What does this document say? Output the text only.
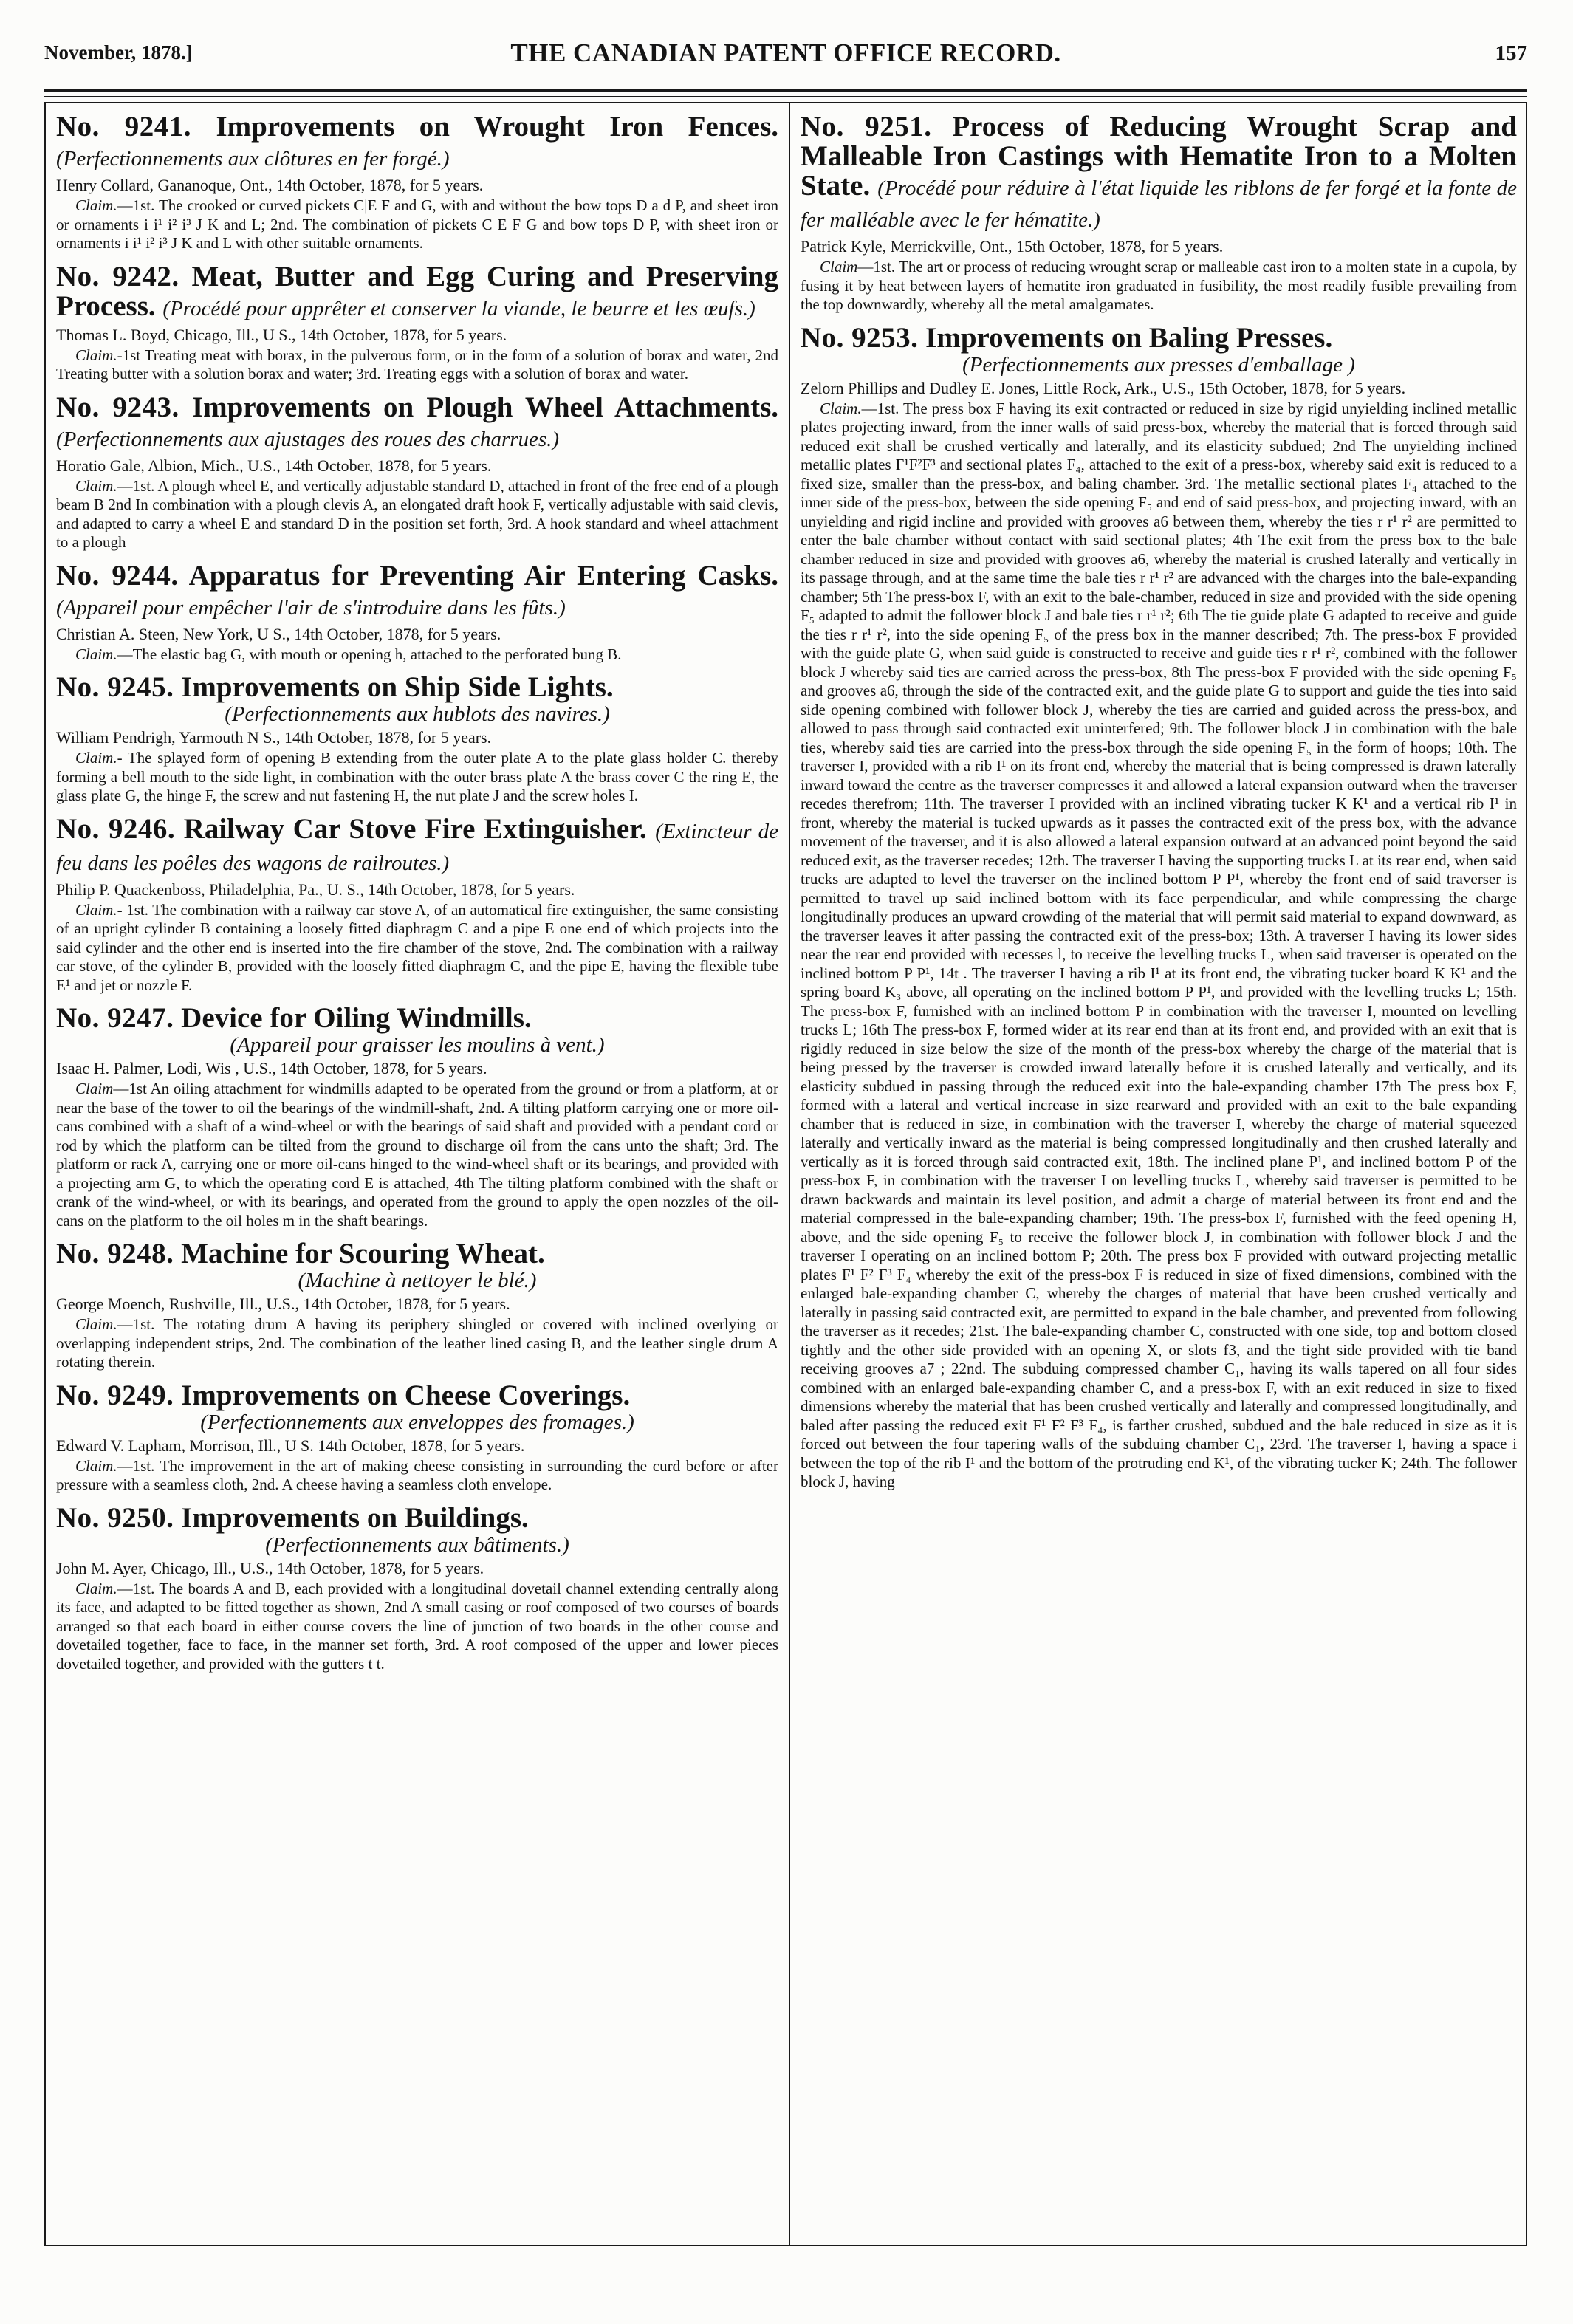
November, 1878.]	THE CANADIAN PATENT OFFICE RECORD.	157

No. 9241. Improvements on Wrought Iron Fences. (Perfectionnements aux clôtures en fer forgé.)

Henry Collard, Gananoque, Ont., 14th October, 1878, for 5 years.

Claim.—1st. The crooked or curved pickets C|E F and G, with and without the bow tops D a d P, and sheet iron or ornaments i i¹ i² i³ J K and L; 2nd. The combination of pickets C E F G and bow tops D P, with sheet iron or ornaments i i¹ i² i³ J K and L with other suitable ornaments.

No. 9242. Meat, Butter and Egg Curing and Preserving Process. (Procédé pour apprêter et conserver la viande, le beurre et les œufs.)

Thomas L. Boyd, Chicago, Ill., U S., 14th October, 1878, for 5 years.

Claim.-1st Treating meat with borax, in the pulverous form, or in the form of a solution of borax and water, 2nd Treating butter with a solution borax and water; 3rd. Treating eggs with a solution of borax and water.

No. 9243. Improvements on Plough Wheel Attachments. (Perfectionnements aux ajustages des roues des charrues.)

Horatio Gale, Albion, Mich., U.S., 14th October, 1878, for 5 years.

Claim.—1st. A plough wheel E, and vertically adjustable standard D, attached in front of the free end of a plough beam B 2nd In combination with a plough clevis A, an elongated draft hook F, vertically adjustable with said clevis, and adapted to carry a wheel E and standard D in the position set forth, 3rd. A hook standard and wheel attachment to a plough

No. 9244. Apparatus for Preventing Air Entering Casks. (Appareil pour empêcher l'air de s'introduire dans les fûts.)

Christian A. Steen, New York, U S., 14th October, 1878, for 5 years.

Claim.—The elastic bag G, with mouth or opening h, attached to the perforated bung B.

No. 9245. Improvements on Ship Side Lights.

(Perfectionnements aux hublots des navires.)

William Pendrigh, Yarmouth N S., 14th October, 1878, for 5 years.

Claim.- The splayed form of opening B extending from the outer plate A to the plate glass holder C. thereby forming a bell mouth to the side light, in combination with the outer brass plate A the brass cover C the ring E, the glass plate G, the hinge F, the screw and nut fastening H, the nut plate J and the screw holes I.

No. 9246. Railway Car Stove Fire Extinguisher. (Extincteur de feu dans les poêles des wagons de railroutes.)

Philip P. Quackenboss, Philadelphia, Pa., U. S., 14th October, 1878, for 5 years.

Claim.- 1st. The combination with a railway car stove A, of an automatical fire extinguisher, the same consisting of an upright cylinder B containing a loosely fitted diaphragm C and a pipe E one end of which projects into the said cylinder and the other end is inserted into the fire chamber of the stove, 2nd. The combination with a railway car stove, of the cylinder B, provided with the loosely fitted diaphragm C, and the pipe E, having the flexible tube E¹ and jet or nozzle F.

No. 9247. Device for Oiling Windmills.

(Appareil pour graisser les moulins à vent.)

Isaac H. Palmer, Lodi, Wis , U.S., 14th October, 1878, for 5 years.

Claim—1st An oiling attachment for windmills adapted to be operated from the ground or from a platform, at or near the base of the tower to oil the bearings of the windmill-shaft, 2nd. A tilting platform carrying one or more oil-cans combined with a shaft of a wind-wheel or with the bearings of said shaft and provided with a pendant cord or rod by which the platform can be tilted from the ground to discharge oil from the cans unto the shaft; 3rd. The platform or rack A, carrying one or more oil-cans hinged to the wind-wheel shaft or its bearings, and provided with a projecting arm G, to which the operating cord E is attached, 4th The tilting platform combined with the shaft or crank of the wind-wheel, or with its bearings, and operated from the ground to apply the open nozzles of the oil-cans on the platform to the oil holes m in the shaft bearings.

No. 9248. Machine for Scouring Wheat.

(Machine à nettoyer le blé.)

George Moench, Rushville, Ill., U.S., 14th October, 1878, for 5 years.

Claim.—1st. The rotating drum A having its periphery shingled or covered with inclined overlying or overlapping independent strips, 2nd. The combination of the leather lined casing B, and the leather single drum A rotating therein.

No. 9249. Improvements on Cheese Coverings.

(Perfectionnements aux enveloppes des fromages.)

Edward V. Lapham, Morrison, Ill., U S. 14th October, 1878, for 5 years.

Claim.—1st. The improvement in the art of making cheese consisting in surrounding the curd before or after pressure with a seamless cloth, 2nd. A cheese having a seamless cloth envelope.

No. 9250. Improvements on Buildings.

(Perfectionnements aux bâtiments.)

John M. Ayer, Chicago, Ill., U.S., 14th October, 1878, for 5 years.

Claim.—1st. The boards A and B, each provided with a longitudinal dovetail channel extending centrally along its face, and adapted to be fitted together as shown, 2nd A small casing or roof composed of two courses of boards arranged so that each board in either course covers the line of junction of two boards in the other course and dovetailed together, face to face, in the manner set forth, 3rd. A roof composed of the upper and lower pieces dovetailed together, and provided with the gutters t t.

No. 9251. Process of Reducing Wrought Scrap and Malleable Iron Castings with Hematite Iron to a Molten State. (Procédé pour réduire à l'état liquide les riblons de fer forgé et la fonte de fer malléable avec le fer hématite.)

Patrick Kyle, Merrickville, Ont., 15th October, 1878, for 5 years.

Claim—1st. The art or process of reducing wrought scrap or malleable cast iron to a molten state in a cupola, by fusing it by heat between layers of hematite iron graduated in fusibility, the most readily fusible prevailing from the top downwardly, whereby all the metal amalgamates.

No. 9253. Improvements on Baling Presses.

(Perfectionnements aux presses d'emballage )

Zelorn Phillips and Dudley E. Jones, Little Rock, Ark., U.S., 15th October, 1878, for 5 years.

Claim.—1st. The press box F having its exit contracted or reduced in size by rigid unyielding inclined metallic plates projecting inward, from the inner walls of said press-box, whereby the material that is forced through said reduced exit shall be crushed vertically and laterally, and its elasticity subdued; 2nd The unyielding inclined metallic plates F¹F²F³ and sectional plates F₄, attached to the exit of a press-box, whereby said exit is reduced to a fixed size, smaller than the press-box, and baling chamber. 3rd. The metallic sectional plates F₄ attached to the inner side of the press-box, between the side opening F₅ and end of said press-box, and projecting inward, with an unyielding and rigid incline and provided with grooves a6 between them, whereby the ties r r¹ r² are permitted to enter the bale chamber without contact with said sectional plates; 4th The exit from the press box to the bale chamber reduced in size and provided with grooves a6, whereby the material is crushed laterally and vertically in its passage through, and at the same time the bale ties r r¹ r² are advanced with the charges into the bale-expanding chamber; 5th The press-box F, with an exit to the bale-chamber, reduced in size and provided with the side opening F₅ adapted to admit the follower block J and bale ties r r¹ r²; 6th The tie guide plate G adapted to receive and guide the ties r r¹ r², into the side opening F₅ of the press box in the manner described; 7th. The press-box F provided with the guide plate G, when said guide is constructed to receive and guide ties r r¹ r², combined with the follower block J whereby said ties are carried across the press-box, 8th The press-box F provided with the side opening F₅ and grooves a6, through the side of the contracted exit, and the guide plate G to support and guide the ties into said side opening combined with follower block J, whereby the ties are carried and guided across the press-box, and allowed to pass through said contracted exit uninterfered; 9th. The follower block J in combination with the bale ties, whereby said ties are carried into the press-box through the side opening F₅ in the form of hoops; 10th. The traverser I, provided with a rib I¹ on its front end, whereby the material that is being compressed is drawn laterally inward toward the centre as the traverser compresses it and allowed a lateral expansion outward when the traverser recedes therefrom; 11th. The traverser I provided with an inclined vibrating tucker K K¹ and a vertical rib I¹ in front, whereby the material is tucked upwards as it passes the contracted exit of the press box, with the advance movement of the traverser, and it is also allowed a lateral expansion outward at an advanced point beyond the said reduced exit, as the traverser recedes; 12th. The traverser I having the supporting trucks L at its rear end, when said trucks are adapted to level the traverser on the inclined bottom P P¹, whereby the front end of said traverser is permitted to travel up said inclined bottom with its face perpendicular, and while compressing the charge longitudinally produces an upward crowding of the material that will permit said material to expand downward, as the traverser leaves it after passing the contracted exit of the press-box; 13th. A traverser I having its lower sides near the rear end provided with recesses l, to receive the levelling trucks L, when said traverser is operated on the inclined bottom P P¹, 14t . The traverser I having a rib I¹ at its front end, the vibrating tucker board K K¹ and the spring board K₃ above, all operating on the inclined bottom P P¹, and provided with the levelling trucks L; 15th. The press-box F, furnished with an inclined bottom P in combination with the traverser I, mounted on levelling trucks L; 16th The press-box F, formed wider at its rear end than at its front end, and provided with an exit that is rigidly reduced in size below the size of the month of the press-box whereby the charge of the material that is being pressed by the traverser is crowded inward laterally before it is crushed laterally and vertically, and its elasticity subdued in passing through the reduced exit into the bale-expanding chamber 17th The press box F, formed with a lateral and vertical increase in size rearward and provided with an exit to the bale expanding chamber that is reduced in size, in combination with the traverser I, whereby the charge of material squeezed laterally and vertically inward as the material is being compressed longitudinally and then crushed laterally and vertically as it is forced through said contracted exit, 18th. The inclined plane P¹, and inclined bottom P of the press-box F, in combination with the traverser I on levelling trucks L, whereby said traverser is permitted to be drawn backwards and maintain its level position, and admit a charge of material between its front end and the material compressed in the bale-expanding chamber; 19th. The press-box F, furnished with the feed opening H, above, and the side opening F₅ to receive the follower block J, in combination with follower block J and the traverser I operating on an inclined bottom P; 20th. The press box F provided with outward projecting metallic plates F¹ F² F³ F₄ whereby the exit of the press-box F is reduced in size of fixed dimensions, combined with the enlarged bale-expanding chamber C, whereby the charges of material that have been crushed vertically and laterally in passing said contracted exit, are permitted to expand in the bale chamber, and prevented from following the traverser as it recedes; 21st. The bale-expanding chamber C, constructed with one side, top and bottom closed tightly and the other side provided with an opening X, or slots f3, and the tight side provided with tie band receiving grooves a7 ; 22nd. The subduing compressed chamber C₁, having its walls tapered on all four sides combined with an enlarged bale-expanding chamber C, and a press-box F, with an exit reduced in size to fixed dimensions whereby the material that has been crushed vertically and laterally and compressed longitudinally, and baled after passing the reduced exit F¹ F² F³ F₄, is farther crushed, subdued and the bale reduced in size as it is forced out between the four tapering walls of the subduing chamber C₁, 23rd. The traverser I, having a space i between the top of the rib I¹ and the bottom of the protruding end K¹, of the vibrating tucker K; 24th. The follower block J, having
